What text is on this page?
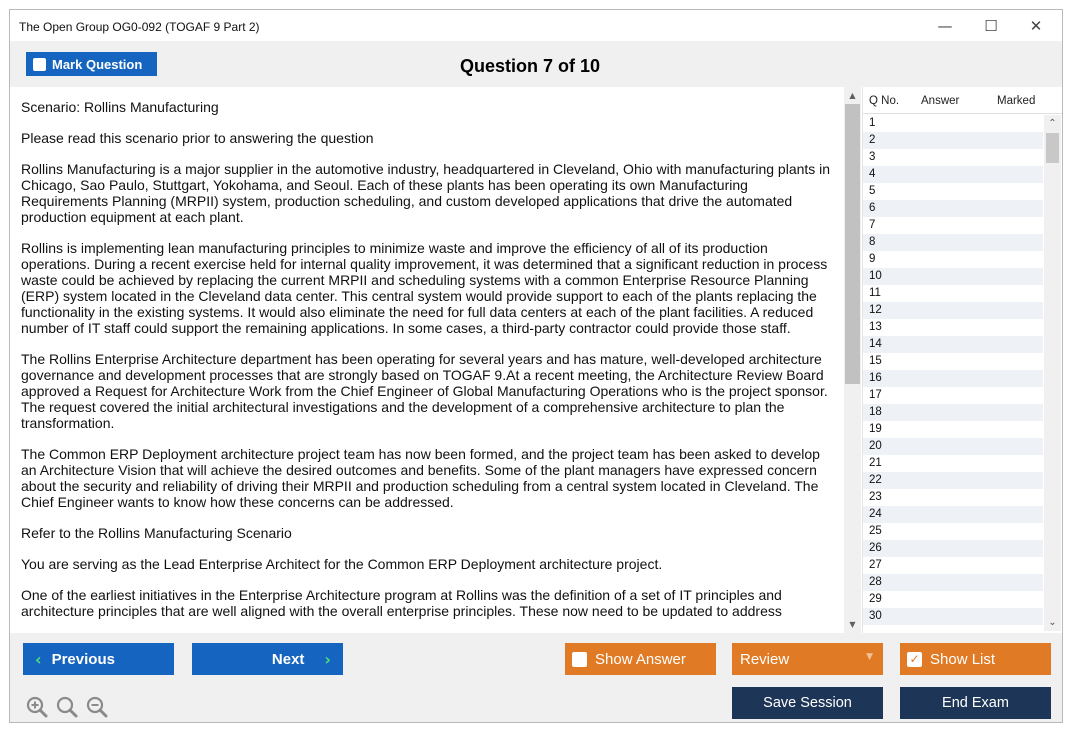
The Open Group OG0-092 (TOGAF 9 Part 2)	—	☐	✕
Mark Question	Question 7 of 10

Scenario: Rollins Manufacturing

Please read this scenario prior to answering the question

Rollins Manufacturing is a major supplier in the automotive industry, headquartered in Cleveland, Ohio with manufacturing plants in Chicago, Sao Paulo, Stuttgart, Yokohama, and Seoul. Each of these plants has been operating its own Manufacturing Requirements Planning (MRPII) system, production scheduling, and custom developed applications that drive the automated production equipment at each plant.

Rollins is implementing lean manufacturing principles to minimize waste and improve the efficiency of all of its production operations. During a recent exercise held for internal quality improvement, it was determined that a significant reduction in process waste could be achieved by replacing the current MRPII and scheduling systems with a common Enterprise Resource Planning (ERP) system located in the Cleveland data center. This central system would provide support to each of the plants replacing the functionality in the existing systems. It would also eliminate the need for full data centers at each of the plant facilities. A reduced number of IT staff could support the remaining applications. In some cases, a third-party contractor could provide those staff.

The Rollins Enterprise Architecture department has been operating for several years and has mature, well-developed architecture governance and development processes that are strongly based on TOGAF 9.At a recent meeting, the Architecture Review Board approved a Request for Architecture Work from the Chief Engineer of Global Manufacturing Operations who is the project sponsor. The request covered the initial architectural investigations and the development of a comprehensive architecture to plan the transformation.

The Common ERP Deployment architecture project team has now been formed, and the project team has been asked to develop an Architecture Vision that will achieve the desired outcomes and benefits. Some of the plant managers have expressed concern about the security and reliability of driving their MRPII and production scheduling from a central system located in Cleveland. The Chief Engineer wants to know how these concerns can be addressed.

Refer to the Rollins Manufacturing Scenario

You are serving as the Lead Enterprise Architect for the Common ERP Deployment architecture project.

One of the earliest initiatives in the Enterprise Architecture program at Rollins was the definition of a set of IT principles and architecture principles that are well aligned with the overall enterprise principles. These now need to be updated to address

▲
▼
Q No. Answer	Marked
1
2
3
4
5
6
7
8
9
10
11
12
13
14
15
16
17
18
19
20
21
22
23
24
25
26
27
28
29
30
⌃
⌄
‹ Previous	Next ›	Show Answer	Review	▼	✓ Show List
Save Session	End Exam
